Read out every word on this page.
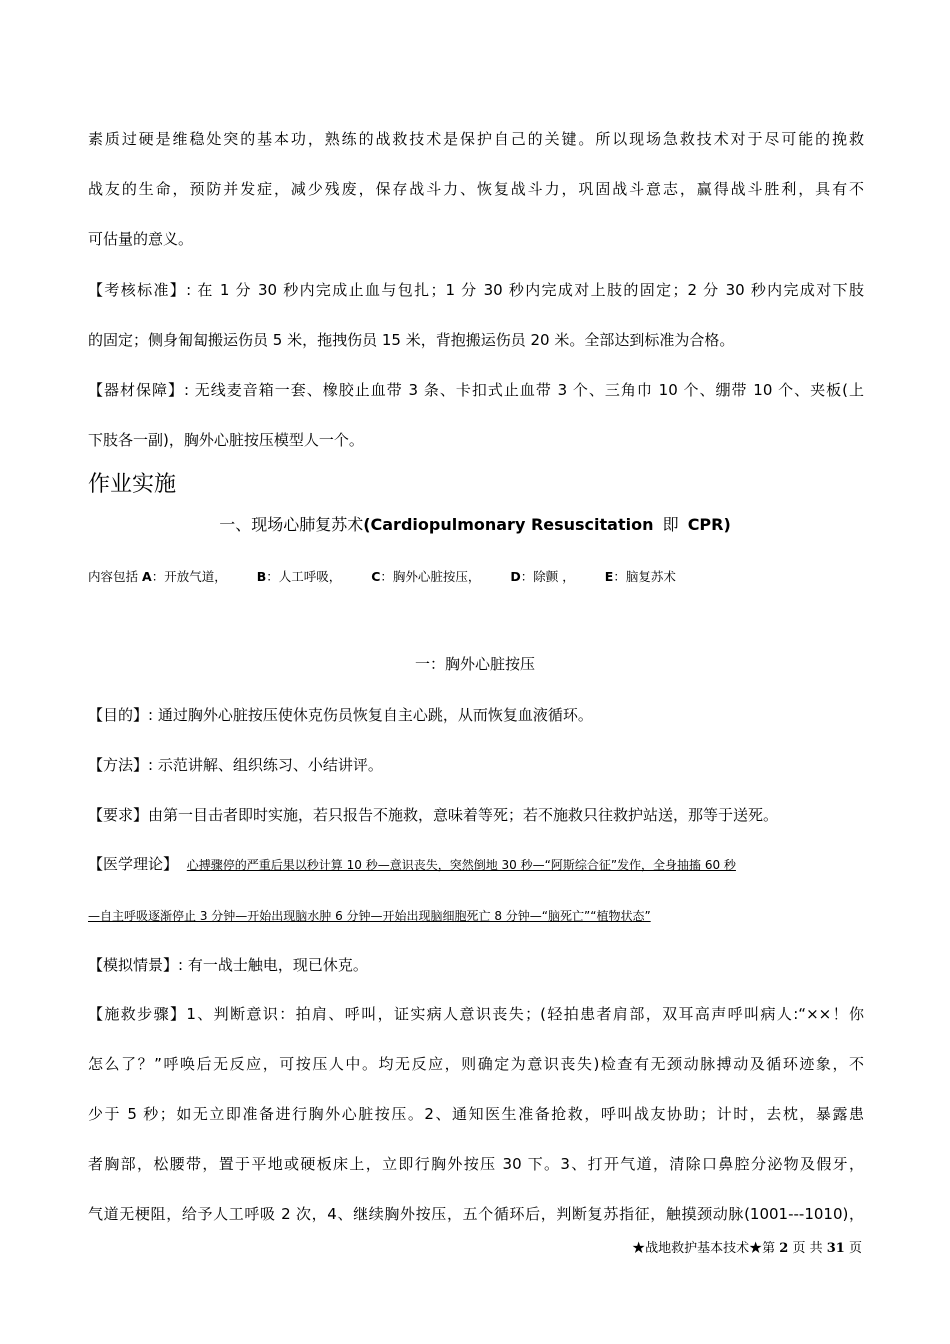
素质过硬是维稳处突的基本功，熟练的战救技术是保护自己的关键。所以现场急救技术对于尽可能的挽救
战友的生命，预防并发症，减少残废，保存战斗力、恢复战斗力，巩固战斗意志，赢得战斗胜利，具有不
可估量的意义。
【考核标准】: 在 1 分 30 秒内完成止血与包扎；1 分 30 秒内完成对上肢的固定；2 分 30 秒内完成对下肢
的固定；侧身匍匐搬运伤员 5 米，拖拽伤员 15 米，背抱搬运伤员 20 米。全部达到标准为合格。
【器材保障】: 无线麦音箱一套、橡胶止血带 3 条、卡扣式止血带 3 个、三角巾 10 个、绷带 10 个、夹板(上
下肢各一副)，胸外心脏按压模型人一个。
作业实施
一、现场心肺复苏术(Cardiopulmonary Resuscitation 即 CPR)
内容包括 A：开放气道， B：人工呼吸， C：胸外心脏按压， D：除颤 ， E：脑复苏术
一：胸外心脏按压
【目的】: 通过胸外心脏按压使休克伤员恢复自主心跳，从而恢复血液循环。
【方法】: 示范讲解、组织练习、小结讲评。
【要求】由第一目击者即时实施，若只报告不施救，意味着等死；若不施救只往救护站送，那等于送死。
【医学理论】 心搏骤停的严重后果以秒计算 10 秒—意识丧失，突然倒地 30 秒—“阿斯综合征”发作，全身抽搐 60 秒
—自主呼吸逐渐停止 3 分钟—开始出现脑水肿 6 分钟—开始出现脑细胞死亡 8 分钟—“脑死亡”“植物状态”
【模拟情景】: 有一战士触电，现已休克。
【施救步骤】1、判断意识：拍肩、呼叫，证实病人意识丧失；(轻拍患者肩部，双耳高声呼叫病人:“××！你
怎么了？”呼唤后无反应，可按压人中。均无反应，则确定为意识丧失)检查有无颈动脉搏动及循环迹象，不
少于 5 秒；如无立即准备进行胸外心脏按压。2、通知医生准备抢救，呼叫战友协助；计时，去枕，暴露患
者胸部，松腰带，置于平地或硬板床上，立即行胸外按压 30 下。3、打开气道，清除口鼻腔分泌物及假牙，
气道无梗阻，给予人工呼吸 2 次，4、继续胸外按压，五个循环后，判断复苏指征，触摸颈动脉(1001---1010)，
★战地救护基本技术★第 2 页 共 31 页
